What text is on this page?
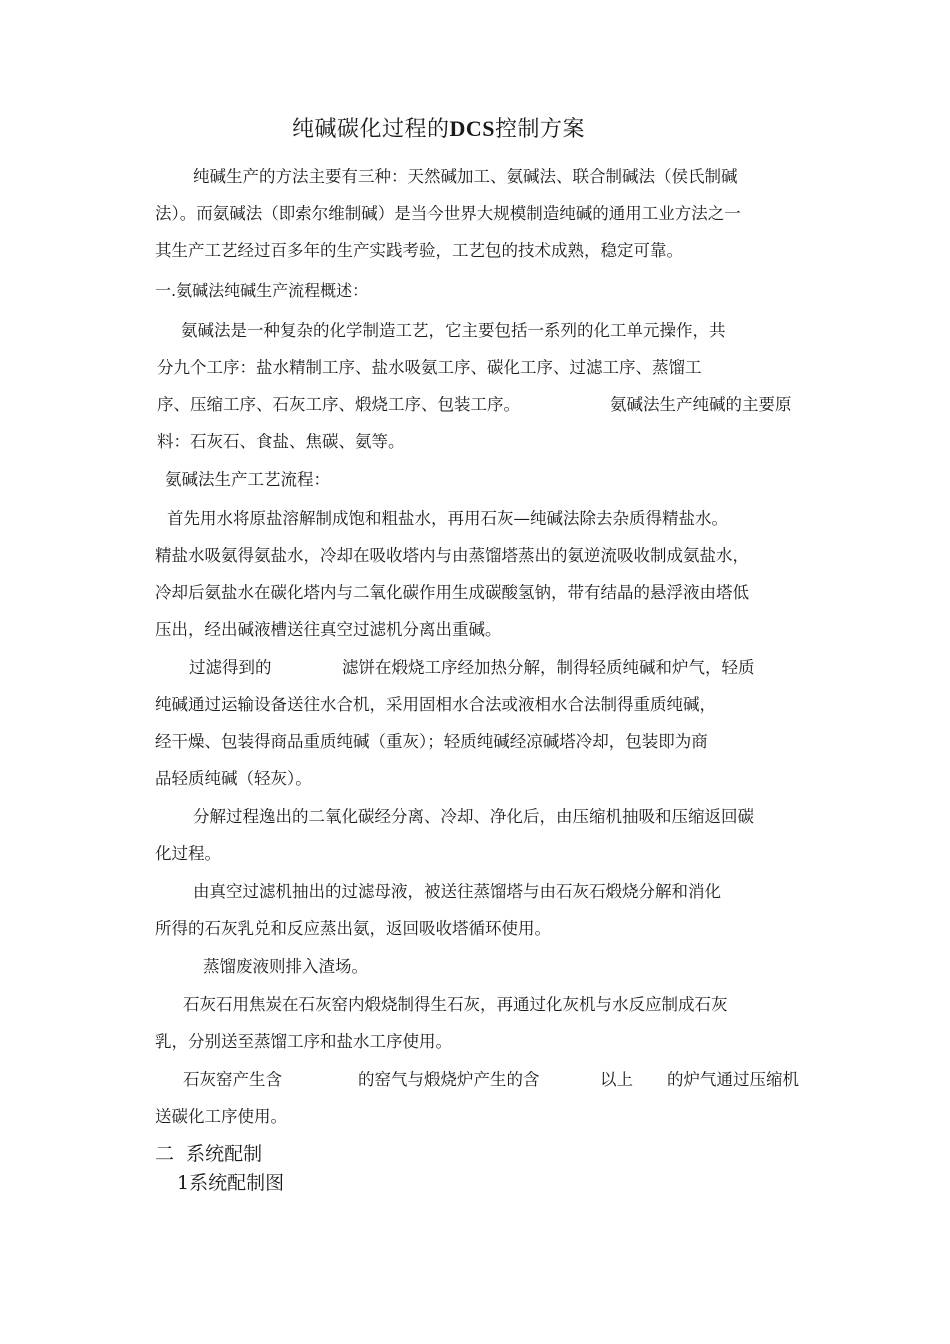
纯碱碳化过程的DCS控制方案

纯碱生产的方法主要有三种：天然碱加工、氨碱法、联合制碱法（侯氏制碱

法）。而氨碱法（即索尔维制碱）是当今世界大规模制造纯碱的通用工业方法之一

其生产工艺经过百多年的生产实践考验，工艺包的技术成熟，稳定可靠。

一.氨碱法纯碱生产流程概述：

氨碱法是一种复杂的化学制造工艺，它主要包括一系列的化工单元操作，共

分九个工序：盐水精制工序、盐水吸氨工序、碳化工序、过滤工序、蒸馏工

序、压缩工序、石灰工序、煅烧工序、包装工序。	氨碱法生产纯碱的主要原

料：石灰石、食盐、焦碳、氨等。

氨碱法生产工艺流程：

首先用水将原盐溶解制成饱和粗盐水，再用石灰—纯碱法除去杂质得精盐水。

精盐水吸氨得氨盐水，冷却在吸收塔内与由蒸馏塔蒸出的氨逆流吸收制成氨盐水，

冷却后氨盐水在碳化塔内与二氧化碳作用生成碳酸氢钠，带有结晶的悬浮液由塔低

压出，经出碱液槽送往真空过滤机分离出重碱。

过滤得到的	滤饼在煅烧工序经加热分解，制得轻质纯碱和炉气，轻质

纯碱通过运输设备送往水合机，采用固相水合法或液相水合法制得重质纯碱，

经干燥、包装得商品重质纯碱（重灰）；轻质纯碱经凉碱塔冷却，包装即为商

品轻质纯碱（轻灰）。

分解过程逸出的二氧化碳经分离、冷却、净化后，由压缩机抽吸和压缩返回碳

化过程。

由真空过滤机抽出的过滤母液，被送往蒸馏塔与由石灰石煅烧分解和消化

所得的石灰乳兑和反应蒸出氨，返回吸收塔循环使用。

蒸馏废液则排入渣场。

石灰石用焦炭在石灰窑内煅烧制得生石灰，再通过化灰机与水反应制成石灰

乳，分别送至蒸馏工序和盐水工序使用。

石灰窑产生含	的窑气与煅烧炉产生的含	以上 的炉气通过压缩机

送碳化工序使用。

二  系统配制

1系统配制图
